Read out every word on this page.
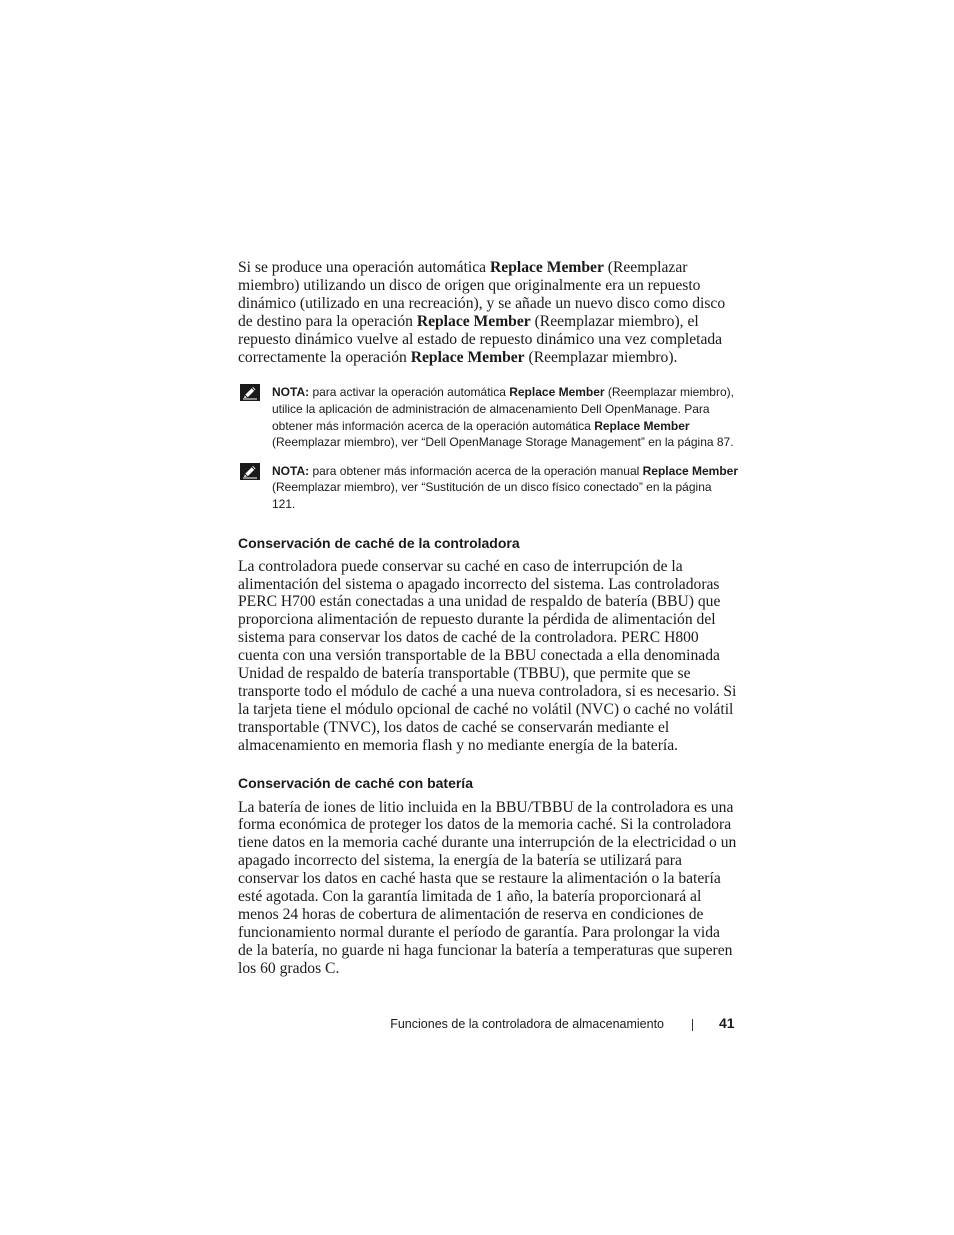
Si se produce una operación automática Replace Member (Reemplazar miembro) utilizando un disco de origen que originalmente era un repuesto dinámico (utilizado en una recreación), y se añade un nuevo disco como disco de destino para la operación Replace Member (Reemplazar miembro), el repuesto dinámico vuelve al estado de repuesto dinámico una vez completada correctamente la operación Replace Member (Reemplazar miembro).

NOTA: para activar la operación automática Replace Member (Reemplazar miembro), utilice la aplicación de administración de almacenamiento Dell OpenManage. Para obtener más información acerca de la operación automática Replace Member (Reemplazar miembro), ver “Dell OpenManage Storage Management” en la página 87.

NOTA: para obtener más información acerca de la operación manual Replace Member (Reemplazar miembro), ver “Sustitución de un disco físico conectado” en la página 121.

Conservación de caché de la controladora

La controladora puede conservar su caché en caso de interrupción de la alimentación del sistema o apagado incorrecto del sistema. Las controladoras PERC H700 están conectadas a una unidad de respaldo de batería (BBU) que proporciona alimentación de repuesto durante la pérdida de alimentación del sistema para conservar los datos de caché de la controladora. PERC H800 cuenta con una versión transportable de la BBU conectada a ella denominada Unidad de respaldo de batería transportable (TBBU), que permite que se transporte todo el módulo de caché a una nueva controladora, si es necesario. Si la tarjeta tiene el módulo opcional de caché no volátil (NVC) o caché no volátil transportable (TNVC), los datos de caché se conservarán mediante el almacenamiento en memoria flash y no mediante energía de la batería.

Conservación de caché con batería

La batería de iones de litio incluida en la BBU/TBBU de la controladora es una forma económica de proteger los datos de la memoria caché. Si la controladora tiene datos en la memoria caché durante una interrupción de la electricidad o un apagado incorrecto del sistema, la energía de la batería se utilizará para conservar los datos en caché hasta que se restaure la alimentación o la batería esté agotada. Con la garantía limitada de 1 año, la batería proporcionará al menos 24 horas de cobertura de alimentación de reserva en condiciones de funcionamiento normal durante el período de garantía. Para prolongar la vida de la batería, no guarde ni haga funcionar la batería a temperaturas que superen los 60 grados C.

Funciones de la controladora de almacenamiento	41
